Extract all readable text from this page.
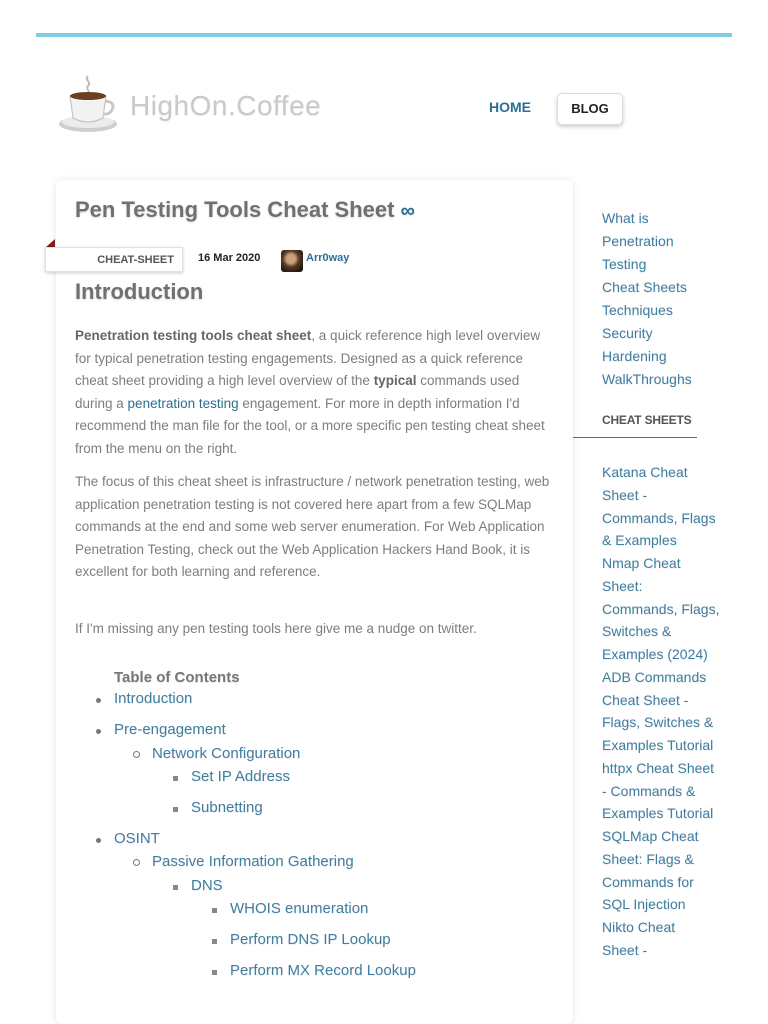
HighOn.Coffee	HOME	BLOG
Pen Testing Tools Cheat Sheet ∞
CHEAT-SHEET	16 Mar 2020	Arr0way
Introduction

Penetration testing tools cheat sheet, a quick reference high level overview for typical penetration testing engagements. Designed as a quick reference cheat sheet providing a high level overview of the typical commands used during a penetration testing engagement. For more in depth information I'd recommend the man file for the tool, or a more specific pen testing cheat sheet from the menu on the right.

The focus of this cheat sheet is infrastructure / network penetration testing, web application penetration testing is not covered here apart from a few SQLMap commands at the end and some web server enumeration. For Web Application Penetration Testing, check out the Web Application Hackers Hand Book, it is excellent for both learning and reference.

If I'm missing any pen testing tools here give me a nudge on twitter.

Table of Contents
Introduction
Pre-engagement
Network Configuration
Set IP Address
Subnetting
OSINT
Passive Information Gathering
DNS
WHOIS enumeration
Perform DNS IP Lookup
Perform MX Record Lookup
What is
Penetration
Testing
Cheat Sheets
Techniques
Security
Hardening
WalkThroughs
CHEAT SHEETS
Katana Cheat
Sheet -
Commands, Flags
& Examples
Nmap Cheat
Sheet:
Commands, Flags,
Switches &
Examples (2024)
ADB Commands
Cheat Sheet -
Flags, Switches &
Examples Tutorial
httpx Cheat Sheet
- Commands &
Examples Tutorial
SQLMap Cheat
Sheet: Flags &
Commands for
SQL Injection
Nikto Cheat
Sheet -
